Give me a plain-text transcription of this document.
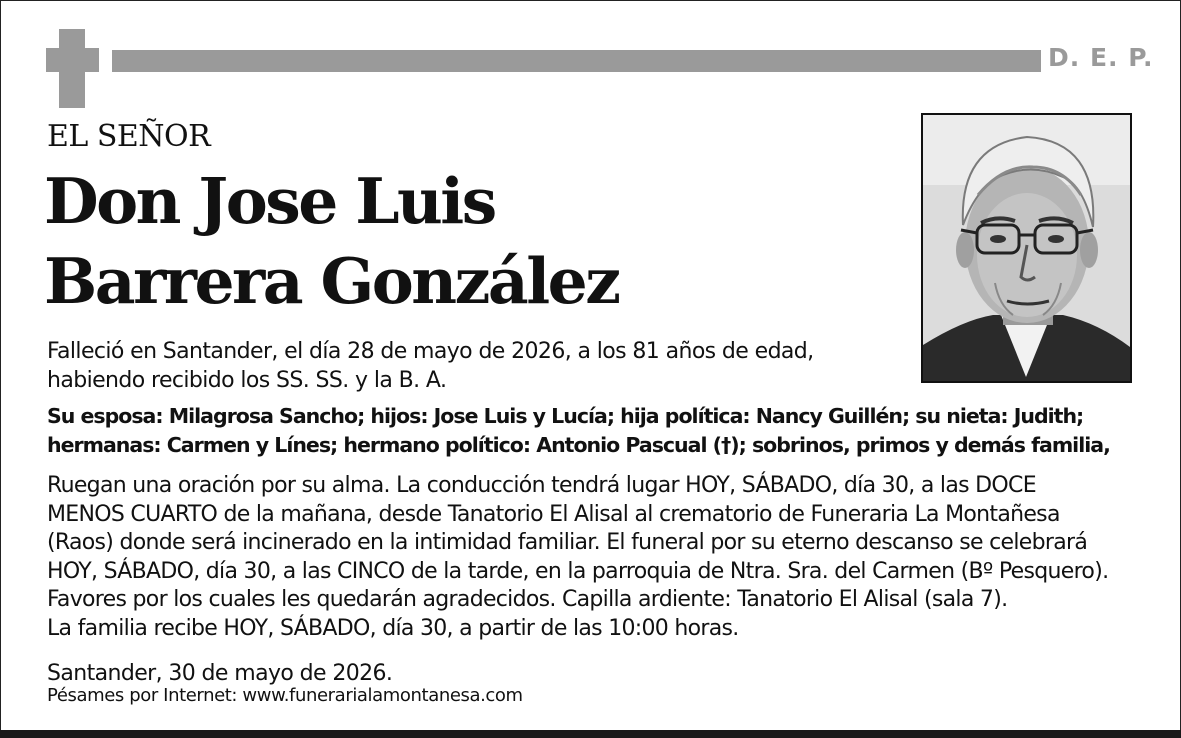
D. E. P.
EL SEÑOR
Don Jose Luis
Barrera González
Falleció en Santander, el día 28 de mayo de 2026, a los 81 años de edad,
habiendo recibido los SS. SS. y la B. A.
Su esposa: Milagrosa Sancho; hijos: Jose Luis y Lucía; hija política: Nancy Guillén; su nieta: Judith;
hermanas: Carmen y Línes; hermano político: Antonio Pascual (†); sobrinos, primos y demás familia,
Ruegan una oración por su alma. La conducción tendrá lugar HOY, SÁBADO, día 30, a las DOCE
MENOS CUARTO de la mañana, desde Tanatorio El Alisal al crematorio de Funeraria La Montañesa
(Raos) donde será incinerado en la intimidad familiar. El funeral por su eterno descanso se celebrará
HOY, SÁBADO, día 30, a las CINCO de la tarde, en la parroquia de Ntra. Sra. del Carmen (Bº Pesquero).
Favores por los cuales les quedarán agradecidos. Capilla ardiente: Tanatorio El Alisal (sala 7).
La familia recibe HOY, SÁBADO, día 30, a partir de las 10:00 horas.
Santander, 30 de mayo de 2026.
Pésames por Internet: www.funerarialamontanesa.com
